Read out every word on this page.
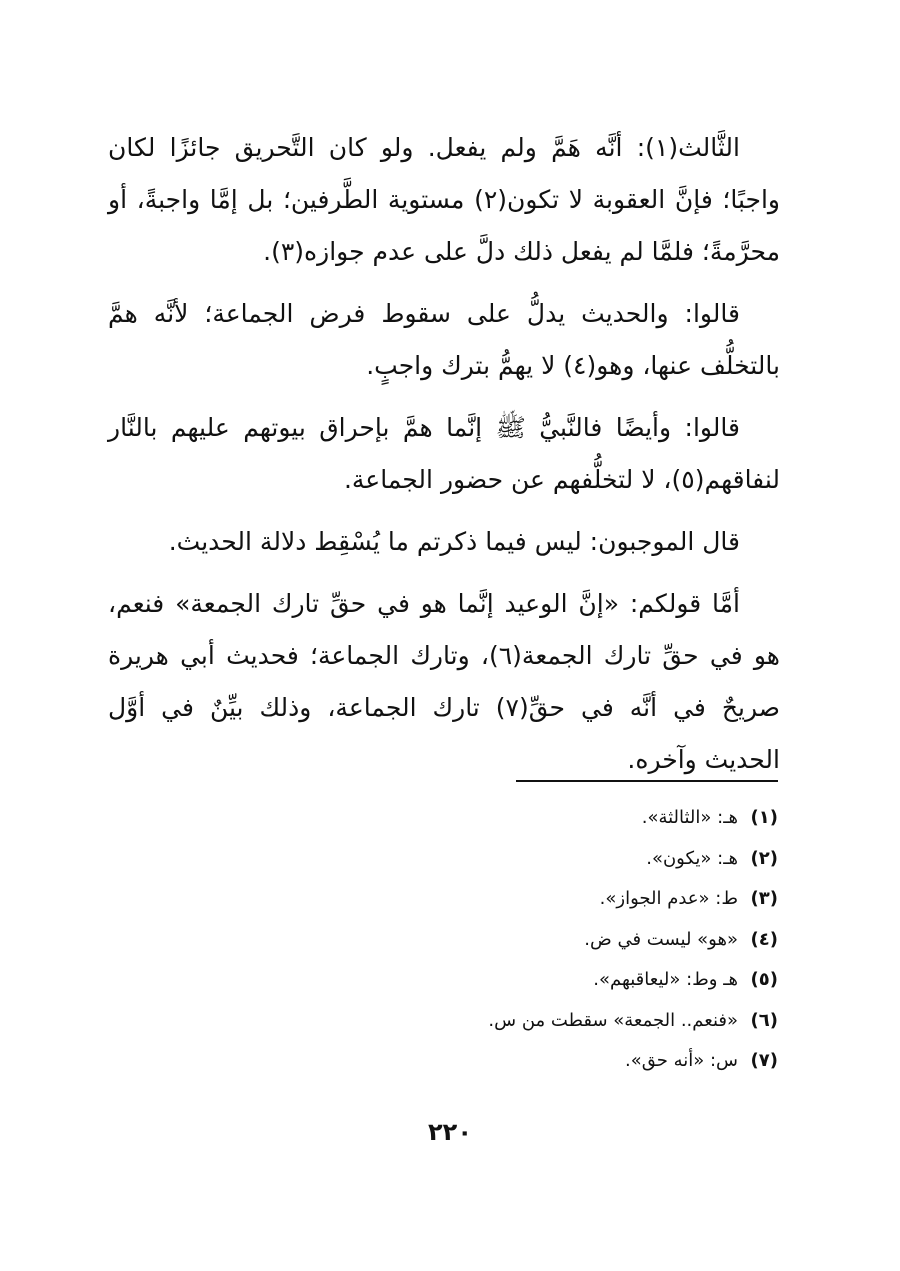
الثَّالث(١): أنَّه هَمَّ ولم يفعل. ولو كان التَّحريق جائزًا لكان واجبًا؛ فإنَّ العقوبة لا تكون(٢) مستوية الطَّرفين؛ بل إمَّا واجبةً، أو محرَّمةً؛ فلمَّا لم يفعل ذلك دلَّ على عدم جوازه(٣).

قالوا: والحديث يدلُّ على سقوط فرض الجماعة؛ لأنَّه همَّ بالتخلُّف عنها، وهو(٤) لا يهمُّ بترك واجبٍ.

قالوا: وأيضًا فالنَّبيُّ ﷺ إنَّما همَّ بإحراق بيوتهم عليهم بالنَّار لنفاقهم(٥)، لا لتخلُّفهم عن حضور الجماعة.

قال الموجبون: ليس فيما ذكرتم ما يُسْقِط دلالة الحديث.

أمَّا قولكم: «إنَّ الوعيد إنَّما هو في حقِّ تارك الجمعة» فنعم، هو في حقِّ تارك الجمعة(٦)، وتارك الجماعة؛ فحديث أبي هريرة صريحٌ في أنَّه في حقِّ(٧) تارك الجماعة، وذلك بيِّنٌ في أوَّل الحديث وآخره.

(١)
هـ: «الثالثة».
(٢)
هـ: «يكون».
(٣)
ط: «عدم الجواز».
(٤)
«هو» ليست في ض.
(٥)
هـ وط: «ليعاقبهم».
(٦)
«فنعم.. الجمعة» سقطت من س.
(٧)
س: «أنه حق».
٢٢٠
